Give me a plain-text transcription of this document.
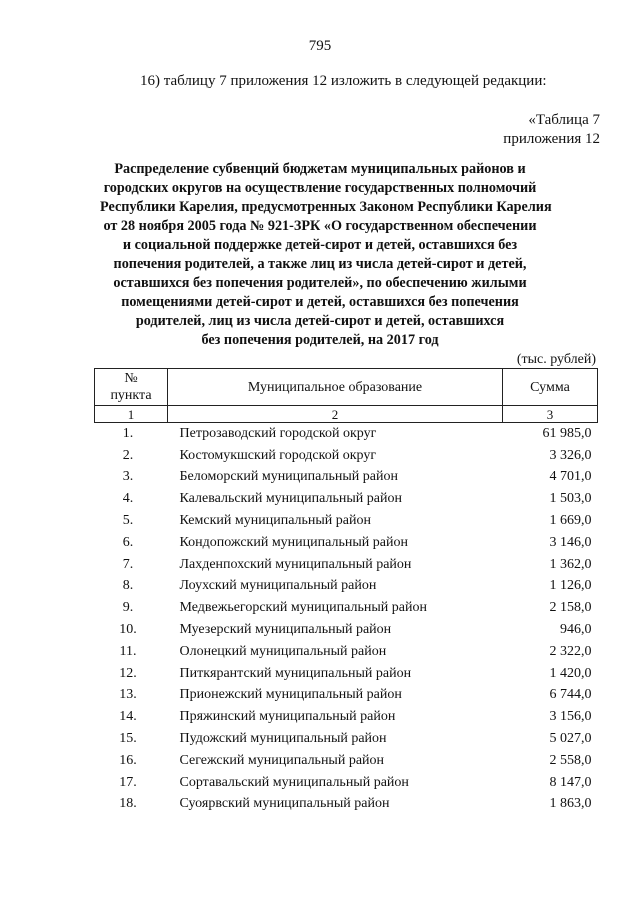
795
16) таблицу 7 приложения 12 изложить в следующей редакции:
«Таблица 7
приложения 12
Распределение субвенций бюджетам муниципальных районов и
городских округов на осуществление государственных полномочий
Республики Карелия, предусмотренных Законом Республики Карелия
от 28 ноября 2005 года № 921-ЗРК «О государственном обеспечении
и социальной поддержке детей-сирот и детей, оставшихся без
попечения родителей, а также лиц из числа детей-сирот и детей,
оставшихся без попечения родителей», по обеспечению жилыми
помещениями детей-сирот и детей, оставшихся без попечения
родителей, лиц из числа детей-сирот и детей, оставшихся
без попечения родителей, на 2017 год
(тыс. рублей)
№
пункта	Муниципальное образование	Сумма
1	2	3
1.	Петрозаводский городской округ	61 985,0
2.	Костомукшский городской округ	3 326,0
3.	Беломорский муниципальный район	4 701,0
4.	Калевальский муниципальный район	1 503,0
5.	Кемский муниципальный район	1 669,0
6.	Кондопожский муниципальный район	3 146,0
7.	Лахденпохский муниципальный район	1 362,0
8.	Лоухский муниципальный район	1 126,0
9.	Медвежьегорский муниципальный район	2 158,0
10.	Муезерский муниципальный район	946,0
11.	Олонецкий муниципальный район	2 322,0
12.	Питкярантский муниципальный район	1 420,0
13.	Прионежский муниципальный район	6 744,0
14.	Пряжинский муниципальный район	3 156,0
15.	Пудожский муниципальный район	5 027,0
16.	Сегежский муниципальный район	2 558,0
17.	Сортавальский муниципальный район	8 147,0
18.	Суоярвский муниципальный район	1 863,0
